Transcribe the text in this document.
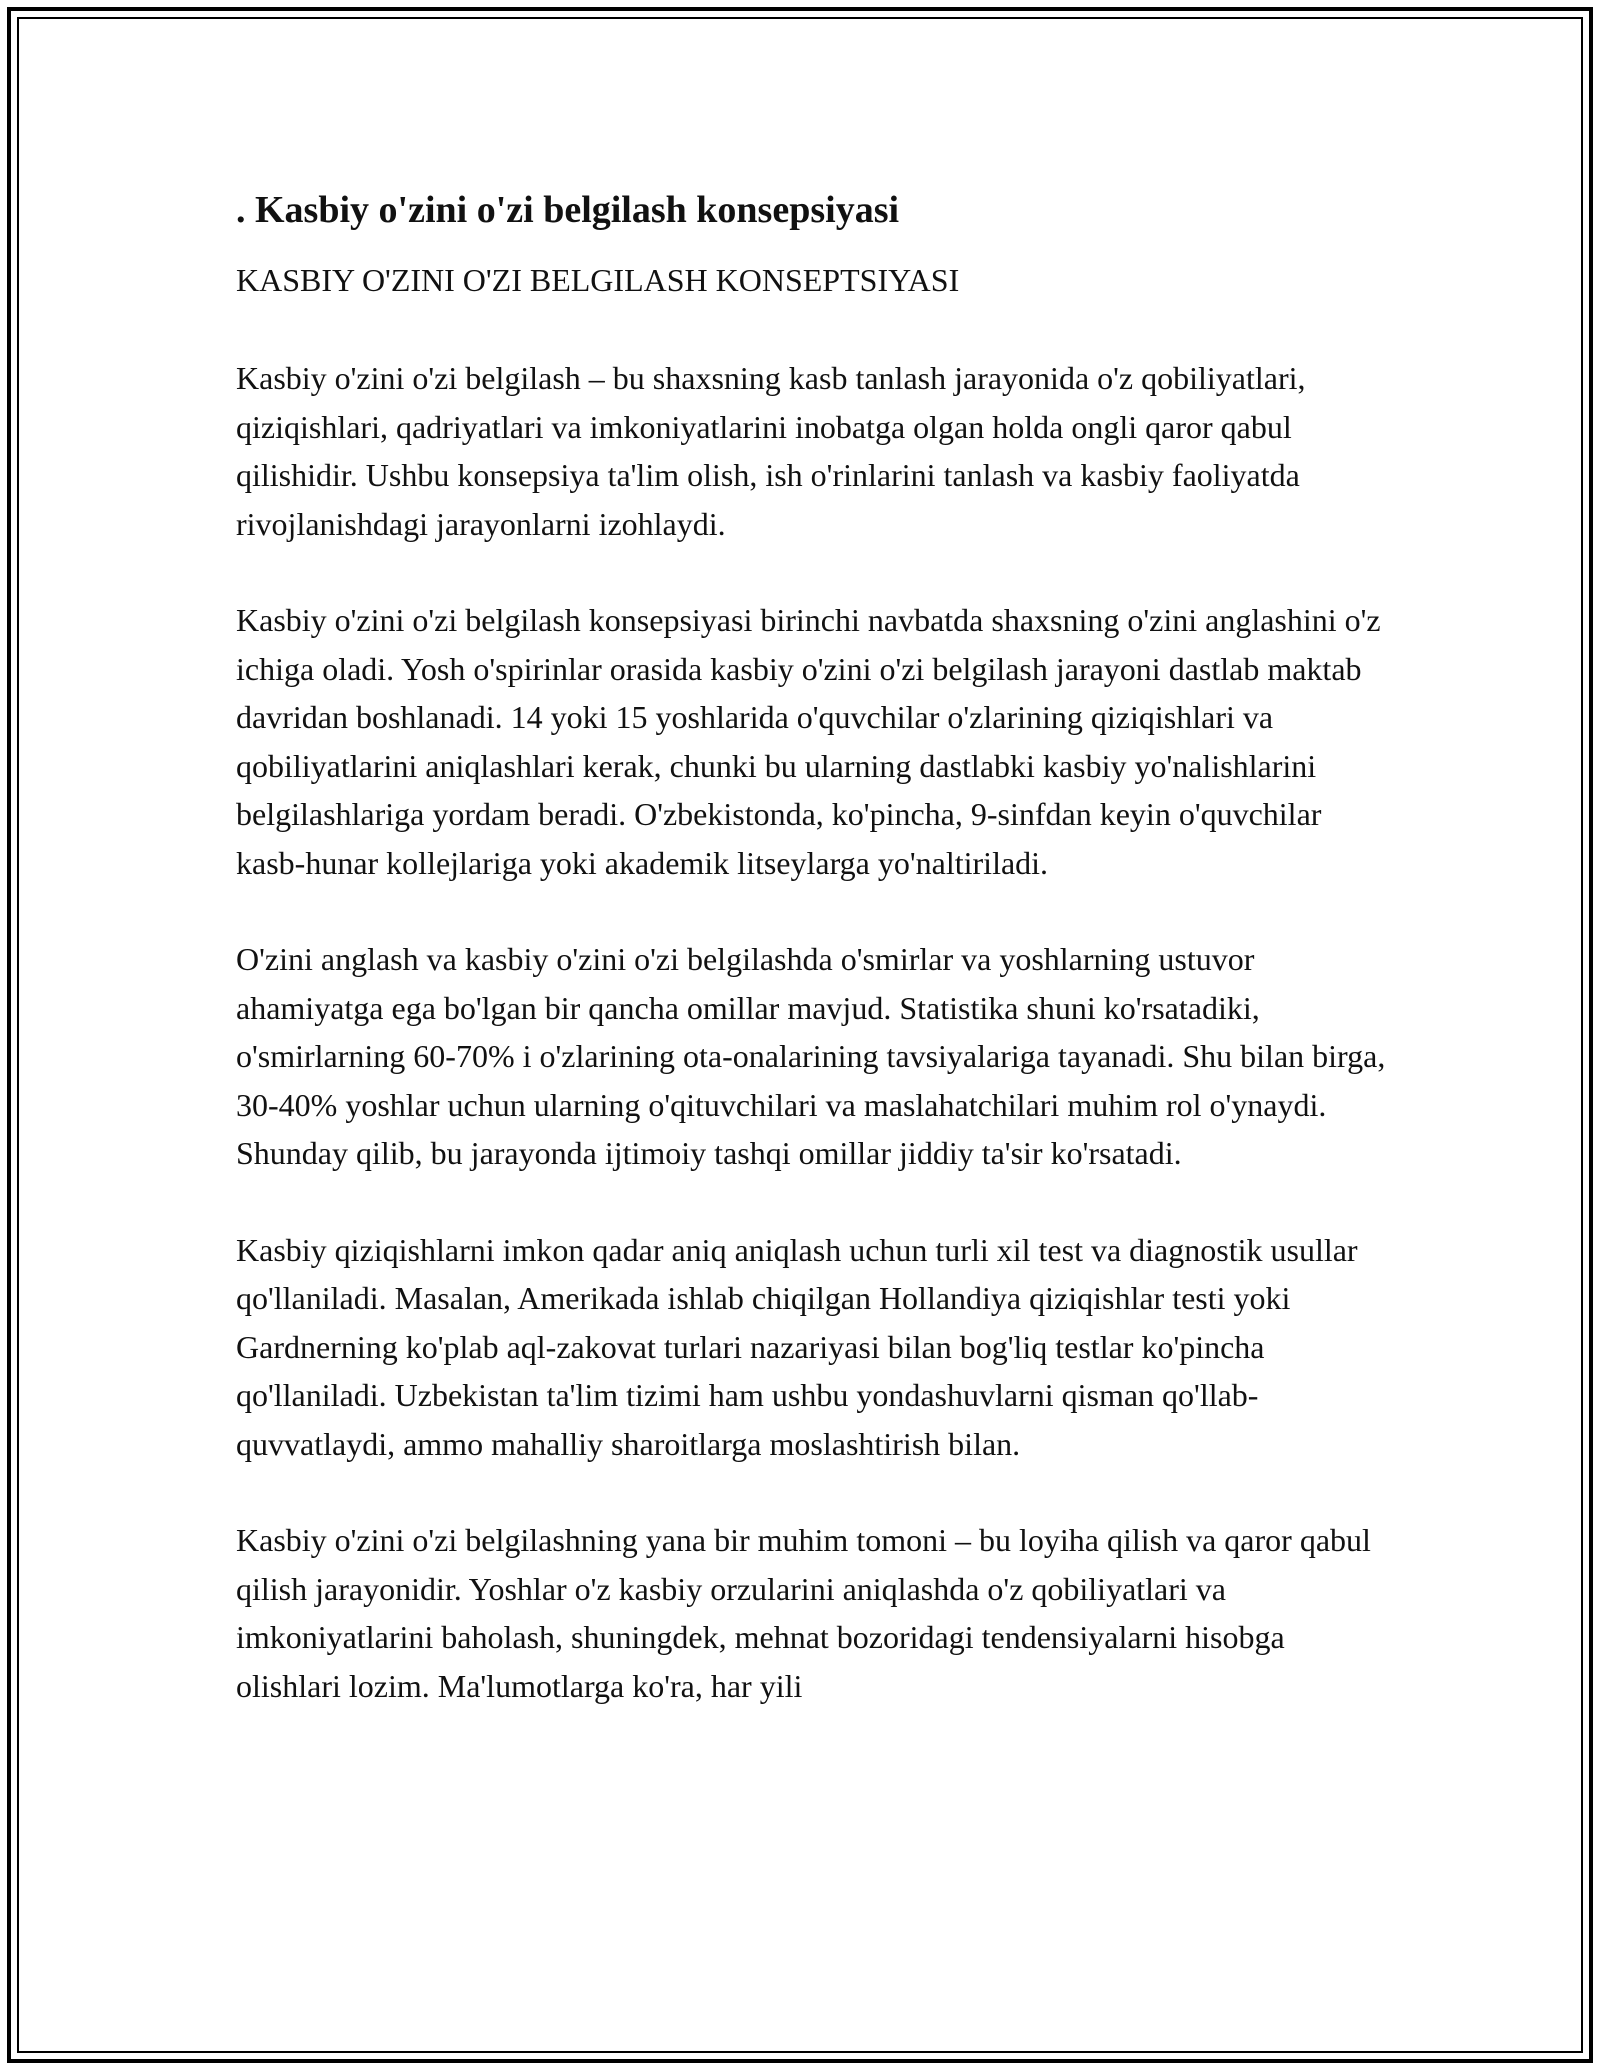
. Kasbiy o'zini o'zi belgilash konsepsiyasi
KASBIY O'ZINI O'ZI BELGILASH KONSEPTSIYASI

Kasbiy o'zini o'zi belgilash – bu shaxsning kasb tanlash jarayonida o'z qobiliyatlari, qiziqishlari, qadriyatlari va imkoniyatlarini inobatga olgan holda ongli qaror qabul qilishidir. Ushbu konsepsiya ta'lim olish, ish o'rinlarini tanlash va kasbiy faoliyatda rivojlanishdagi jarayonlarni izohlaydi.

Kasbiy o'zini o'zi belgilash konsepsiyasi birinchi navbatda shaxsning o'zini anglashini o'z ichiga oladi. Yosh o'spirinlar orasida kasbiy o'zini o'zi belgilash jarayoni dastlab maktab davridan boshlanadi. 14 yoki 15 yoshlarida o'quvchilar o'zlarining qiziqishlari va qobiliyatlarini aniqlashlari kerak, chunki bu ularning dastlabki kasbiy yo'nalishlarini belgilashlariga yordam beradi. O'zbekistonda, ko'pincha, 9-sinfdan keyin o'quvchilar kasb-hunar kollejlariga yoki akademik litseylarga yo'naltiriladi.

O'zini anglash va kasbiy o'zini o'zi belgilashda o'smirlar va yoshlarning ustuvor ahamiyatga ega bo'lgan bir qancha omillar mavjud. Statistika shuni ko'rsatadiki, o'smirlarning 60-70% i o'zlarining ota-onalarining tavsiyalariga tayanadi. Shu bilan birga, 30-40% yoshlar uchun ularning o'qituvchilari va maslahatchilari muhim rol o'ynaydi. Shunday qilib, bu jarayonda ijtimoiy tashqi omillar jiddiy ta'sir ko'rsatadi.

Kasbiy qiziqishlarni imkon qadar aniq aniqlash uchun turli xil test va diagnostik usullar qo'llaniladi. Masalan, Amerikada ishlab chiqilgan Hollandiya qiziqishlar testi yoki Gardnerning ko'plab aql-zakovat turlari nazariyasi bilan bog'liq testlar ko'pincha qo'llaniladi. Uzbekistan ta'lim tizimi ham ushbu yondashuvlarni qisman qo'llab-quvvatlaydi, ammo mahalliy sharoitlarga moslashtirish bilan.

Kasbiy o'zini o'zi belgilashning yana bir muhim tomoni – bu loyiha qilish va qaror qabul qilish jarayonidir. Yoshlar o'z kasbiy orzularini aniqlashda o'z qobiliyatlari va imkoniyatlarini baholash, shuningdek, mehnat bozoridagi tendensiyalarni hisobga olishlari lozim. Ma'lumotlarga ko'ra, har yili
